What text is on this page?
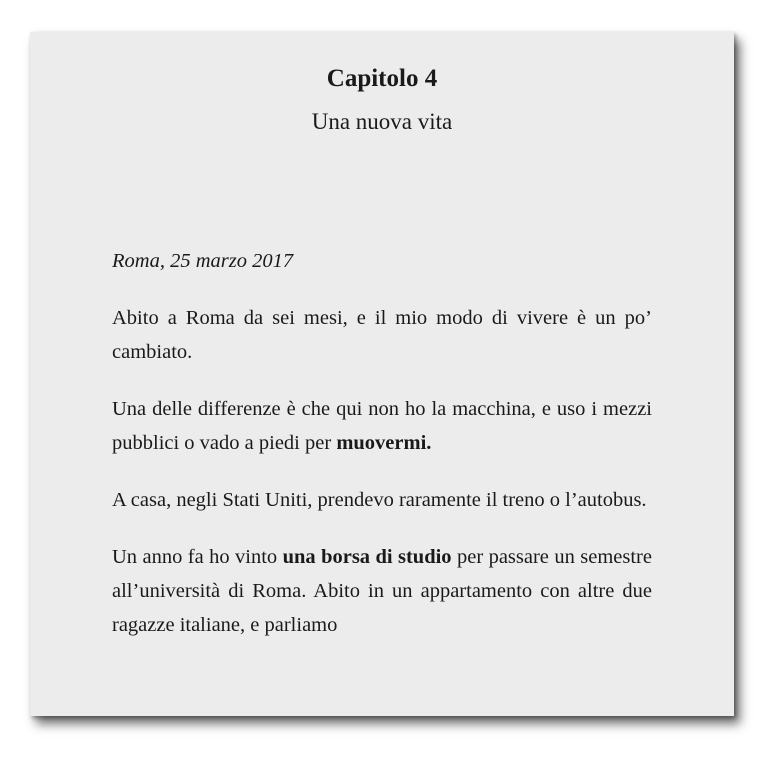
Capitolo 4
Una nuova vita

Roma, 25 marzo 2017

Abito a Roma da sei mesi, e il mio modo di vivere è un po’ cambiato.

Una delle differenze è che qui non ho la macchina, e uso i mezzi pubblici o vado a piedi per muovermi.

A casa, negli Stati Uniti, prendevo raramente il treno o l’autobus.

Un anno fa ho vinto una borsa di studio per passare un semestre all’università di Roma. Abito in un appartamento con altre due ragazze italiane, e parliamo
